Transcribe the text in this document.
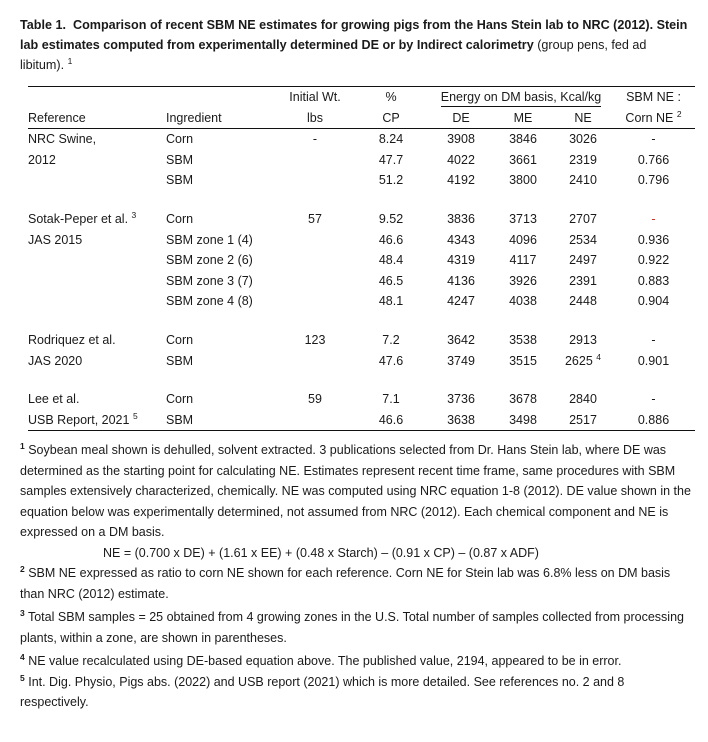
Table 1. Comparison of recent SBM NE estimates for growing pigs from the Hans Stein lab to NRC (2012). Stein lab estimates computed from experimentally determined DE or by Indirect calorimetry (group pens, fed ad libitum). $^1$
		Initial Wt.	%	Energy on DM basis, Kcal/kg			SBM NE :
Reference	Ingredient	lbs	CP	DE	ME	NE	Corn NE $^2$
NRC Swine,	Corn	-	8.24	3908	3846	3026	-
2012	SBM		47.7	4022	3661	2319	0.766
	SBM		51.2	4192	3800	2410	0.796

Sotak-Peper et al. $^3$	Corn	57	9.52	3836	3713	2707	-
JAS 2015	SBM zone 1 (4)		46.6	4343	4096	2534	0.936
	SBM zone 2 (6)		48.4	4319	4117	2497	0.922
	SBM zone 3 (7)		46.5	4136	3926	2391	0.883
	SBM zone 4 (8)		48.1	4247	4038	2448	0.904

Rodriquez et al.	Corn	123	7.2	3642	3538	2913	-
JAS 2020	SBM		47.6	3749	3515	2625 $^4$	0.901

Lee et al.	Corn	59	7.1	3736	3678	2840	-
USB Report, 2021 $^5$	SBM		46.6	3638	3498	2517	0.886

$^1$ Soybean meal shown is dehulled, solvent extracted. 3 publications selected from Dr. Hans Stein lab, where DE was determined as the starting point for calculating NE. Estimates represent recent time frame, same procedures with SBM samples extensively characterized, chemically. NE was computed using NRC equation 1-8 (2012). DE value shown in the equation below was experimentally determined, not assumed from NRC (2012). Each chemical component and NE is expressed on a DM basis.

NE = (0.700 x DE) + (1.61 x EE) + (0.48 x Starch) – (0.91 x CP) – (0.87 x ADF)

$^2$ SBM NE expressed as ratio to corn NE shown for each reference. Corn NE for Stein lab was 6.8% less on DM basis than NRC (2012) estimate.

$^3$ Total SBM samples = 25 obtained from 4 growing zones in the U.S. Total number of samples collected from processing plants, within a zone, are shown in parentheses.

$^4$ NE value recalculated using DE-based equation above. The published value, 2194, appeared to be in error.

$^5$ Int. Dig. Physio, Pigs abs. (2022) and USB report (2021) which is more detailed. See references no. 2 and 8 respectively.
